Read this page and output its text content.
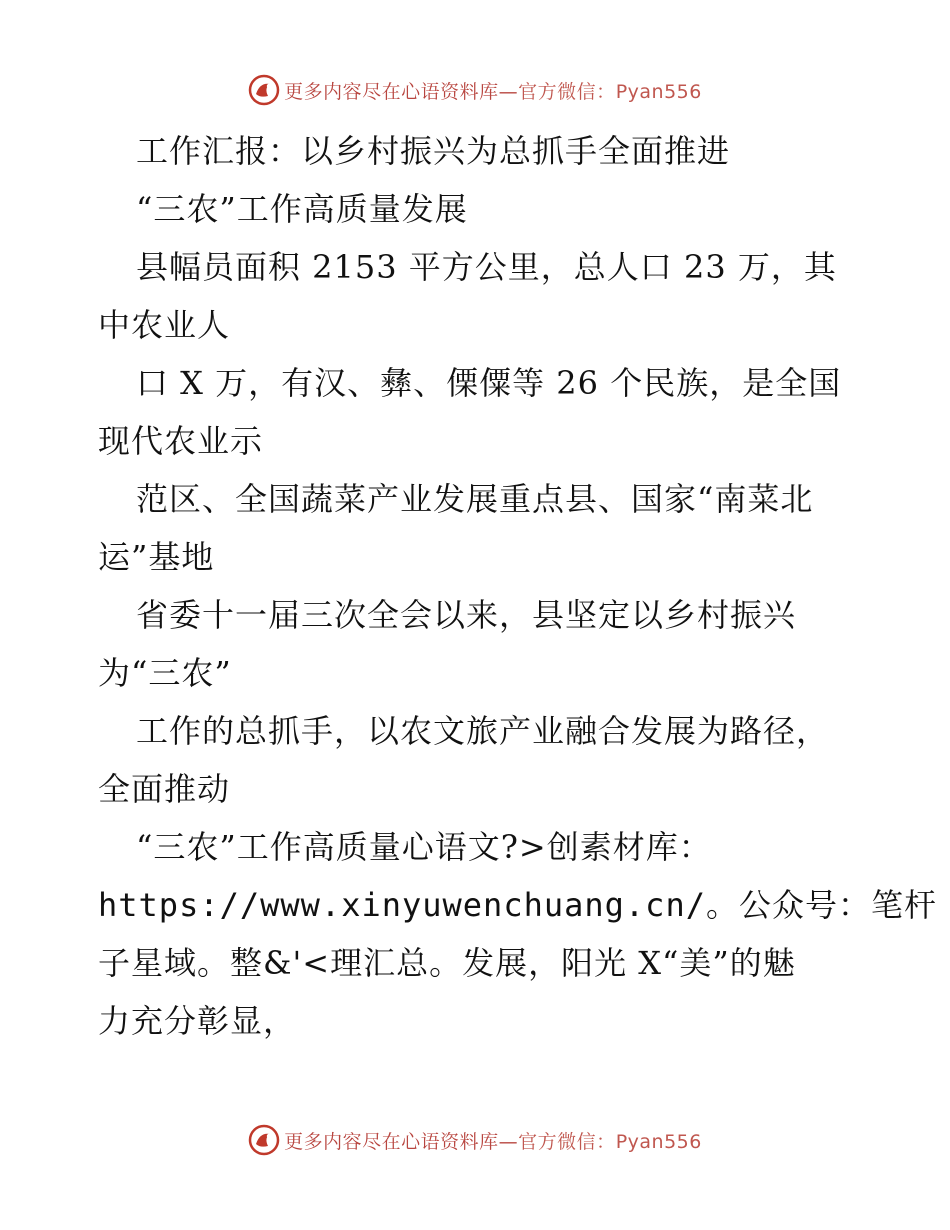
更多内容尽在心语资料库—官方微信：Pyan556
工作汇报：以乡村振兴为总抓手全面推进
“三农”工作高质量发展
县幅员面积 2153 平方公里，总人口 23 万，其
中农业人
口 X 万，有汉、彝、傈僳等 26 个民族，是全国
现代农业示
范区、全国蔬菜产业发展重点县、国家“南菜北
运”基地
省委十一届三次全会以来，县坚定以乡村振兴
为“三农”
工作的总抓手，以农文旅产业融合发展为路径，
全面推动
“三农”工作高质量心语文?>创素材库：
https://www.xinyuwenchuang.cn/。公众号：笔杆
子星域。整&'<理汇总。发展，阳光 X“美”的魅
力充分彰显，
更多内容尽在心语资料库—官方微信：Pyan556
